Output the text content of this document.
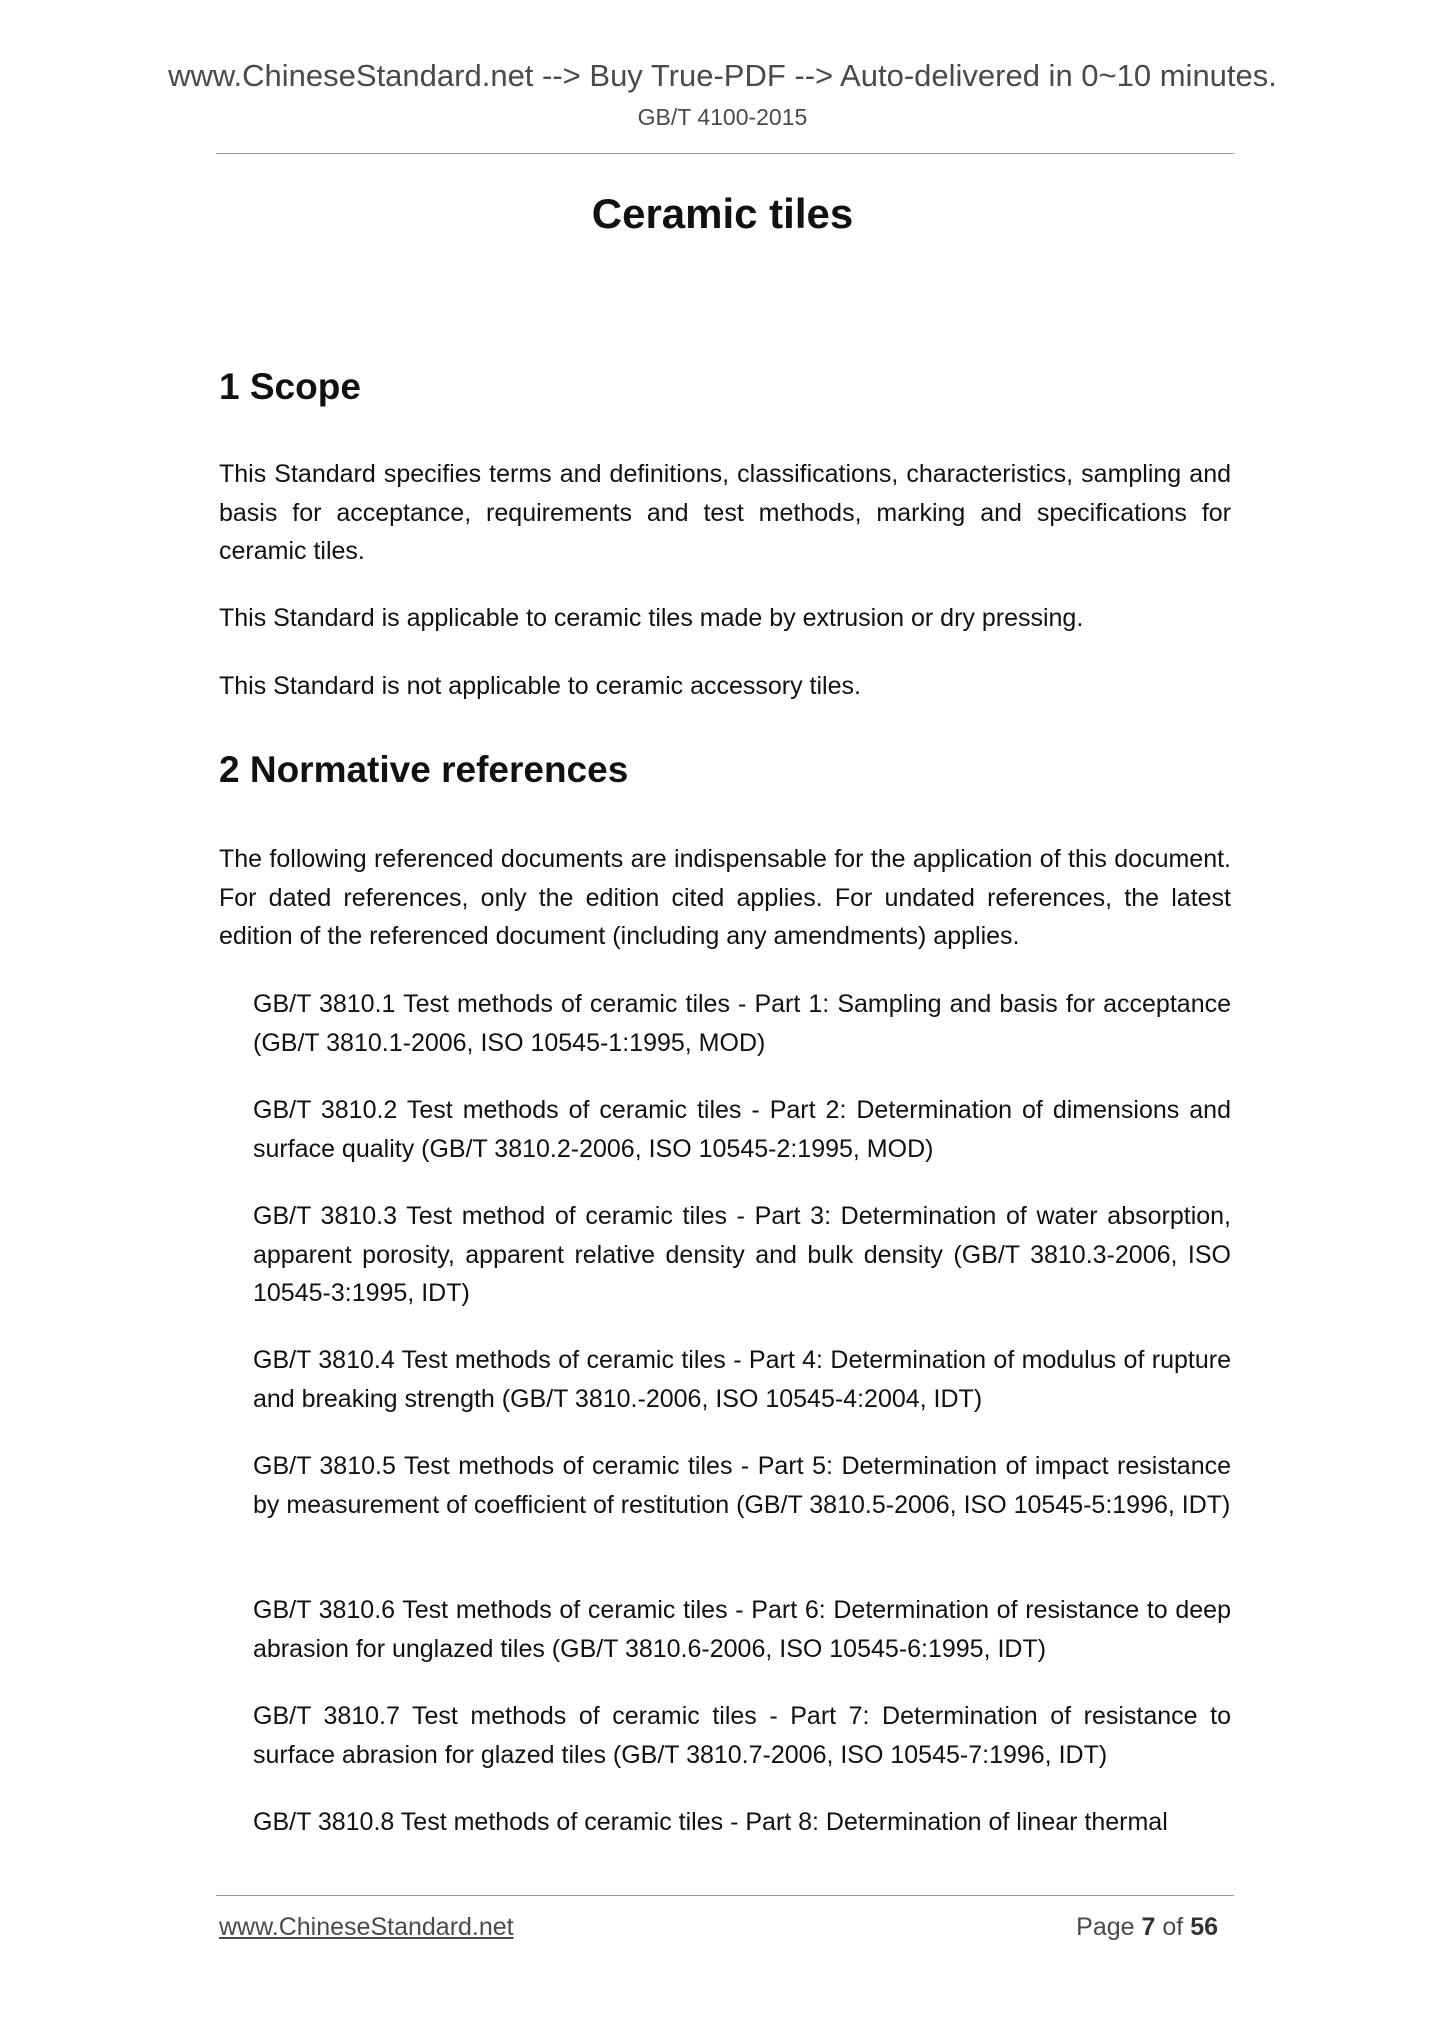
www.ChineseStandard.net --> Buy True-PDF --> Auto-delivered in 0~10 minutes.
GB/T 4100-2015
Ceramic tiles
1 Scope
This Standard specifies terms and definitions, classifications, characteristics, sampling and basis for acceptance, requirements and test methods, marking and specifications for ceramic tiles.
This Standard is applicable to ceramic tiles made by extrusion or dry pressing.
This Standard is not applicable to ceramic accessory tiles.
2 Normative references
The following referenced documents are indispensable for the application of this document. For dated references, only the edition cited applies. For undated references, the latest edition of the referenced document (including any amendments) applies.
GB/T 3810.1 Test methods of ceramic tiles - Part 1: Sampling and basis for acceptance (GB/T 3810.1-2006, ISO 10545-1:1995, MOD)
GB/T 3810.2 Test methods of ceramic tiles - Part 2: Determination of dimensions and surface quality (GB/T 3810.2-2006, ISO 10545-2:1995, MOD)
GB/T 3810.3 Test method of ceramic tiles - Part 3: Determination of water absorption, apparent porosity, apparent relative density and bulk density (GB/T 3810.3-2006, ISO 10545-3:1995, IDT)
GB/T 3810.4 Test methods of ceramic tiles - Part 4: Determination of modulus of rupture and breaking strength (GB/T 3810.-2006, ISO 10545-4:2004, IDT)
GB/T 3810.5 Test methods of ceramic tiles - Part 5: Determination of impact resistance by measurement of coefficient of restitution (GB/T 3810.5-2006, ISO 10545-5:1996, IDT)
GB/T 3810.6 Test methods of ceramic tiles - Part 6: Determination of resistance to deep abrasion for unglazed tiles (GB/T 3810.6-2006, ISO 10545-6:1995, IDT)
GB/T 3810.7 Test methods of ceramic tiles - Part 7: Determination of resistance to surface abrasion for glazed tiles (GB/T 3810.7-2006, ISO 10545-7:1996, IDT)
GB/T 3810.8 Test methods of ceramic tiles - Part 8: Determination of linear thermal
www.ChineseStandard.net	Page 7 of 56
